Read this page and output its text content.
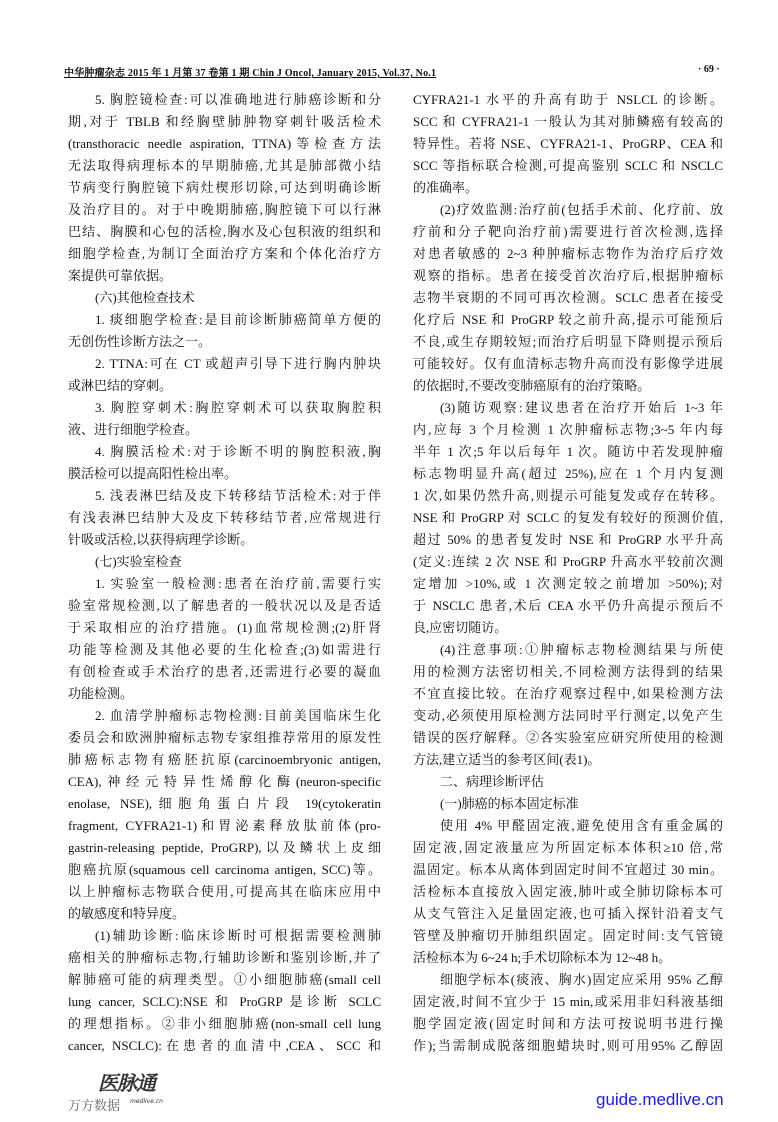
中华肿瘤杂志 2015 年 1 月第 37 卷第 1 期 Chin J Oncol, January 2015, Vol.37, No.1	· 69 ·
5. 胸腔镜检查:可以准确地进行肺癌诊断和分
期,对于 TBLB 和经胸壁肺肿物穿刺针吸活检术
(transthoracic needle aspiration, TTNA)等检查方法
无法取得病理标本的早期肺癌,尤其是肺部微小结
节病变行胸腔镜下病灶楔形切除,可达到明确诊断
及治疗目的。对于中晚期肺癌,胸腔镜下可以行淋
巴结、胸膜和心包的活检,胸水及心包积液的组织和
细胞学检查,为制订全面治疗方案和个体化治疗方
案提供可靠依据。
(六)其他检查技术
1. 痰细胞学检查:是目前诊断肺癌简单方便的
无创伤性诊断方法之一。
2. TTNA:可在 CT 或超声引导下进行胸内肿块
或淋巴结的穿刺。
3. 胸腔穿刺术:胸腔穿刺术可以获取胸腔积
液、进行细胞学检查。
4. 胸膜活检术:对于诊断不明的胸腔积液,胸
膜活检可以提高阳性检出率。
5. 浅表淋巴结及皮下转移结节活检术:对于伴
有浅表淋巴结肿大及皮下转移结节者,应常规进行
针吸或活检,以获得病理学诊断。
(七)实验室检查
1. 实验室一般检测:患者在治疗前,需要行实
验室常规检测,以了解患者的一般状况以及是否适
于采取相应的治疗措施。(1)血常规检测;(2)肝肾
功能等检测及其他必要的生化检查;(3)如需进行
有创检查或手术治疗的患者,还需进行必要的凝血
功能检测。
2. 血清学肿瘤标志物检测:目前美国临床生化
委员会和欧洲肿瘤标志物专家组推荐常用的原发性
肺癌标志物有癌胚抗原(carcinoembryonic antigen,
CEA),神经元特异性烯醇化酶(neuron-specific
enolase, NSE),细胞角蛋白片段 19(cytokeratin
fragment, CYFRA21-1)和胃泌素释放肽前体(pro-
gastrin-releasing peptide, ProGRP),以及鳞状上皮细
胞癌抗原(squamous cell carcinoma antigen, SCC)等。
以上肿瘤标志物联合使用,可提高其在临床应用中
的敏感度和特异度。
(1)辅助诊断:临床诊断时可根据需要检测肺
癌相关的肿瘤标志物,行辅助诊断和鉴别诊断,并了
解肺癌可能的病理类型。①小细胞肺癌(small cell
lung cancer, SCLC):NSE 和 ProGRP 是诊断 SCLC
的理想指标。②非小细胞肺癌(non-small cell lung
cancer, NSCLC):在患者的血清中,CEA、SCC 和
CYFRA21-1 水平的升高有助于 NSLCL 的诊断。
SCC 和 CYFRA21-1 一般认为其对肺鳞癌有较高的
特异性。若将 NSE、CYFRA21-1、ProGRP、CEA 和
SCC 等指标联合检测,可提高鉴别 SCLC 和 NSCLC
的准确率。
(2)疗效监测:治疗前(包括手术前、化疗前、放
疗前和分子靶向治疗前)需要进行首次检测,选择
对患者敏感的 2~3 种肿瘤标志物作为治疗后疗效
观察的指标。患者在接受首次治疗后,根据肿瘤标
志物半衰期的不同可再次检测。SCLC 患者在接受
化疗后 NSE 和 ProGRP 较之前升高,提示可能预后
不良,或生存期较短;而治疗后明显下降则提示预后
可能较好。仅有血清标志物升高而没有影像学进展
的依据时,不要改变肺癌原有的治疗策略。
(3)随访观察:建议患者在治疗开始后 1~3 年
内,应每 3 个月检测 1 次肿瘤标志物;3~5 年内每
半年 1 次;5 年以后每年 1 次。随访中若发现肿瘤
标志物明显升高(超过 25%),应在 1 个月内复测
1 次,如果仍然升高,则提示可能复发或存在转移。
NSE 和 ProGRP 对 SCLC 的复发有较好的预测价值,
超过 50% 的患者复发时 NSE 和 ProGRP 水平升高
(定义:连续 2 次 NSE 和 ProGRP 升高水平较前次测
定增加 >10%,或 1 次测定较之前增加 >50%);对
于 NSCLC 患者,术后 CEA 水平仍升高提示预后不
良,应密切随访。
(4)注意事项:①肿瘤标志物检测结果与所使
用的检测方法密切相关,不同检测方法得到的结果
不宜直接比较。在治疗观察过程中,如果检测方法
变动,必须使用原检测方法同时平行测定,以免产生
错误的医疗解释。②各实验室应研究所使用的检测
方法,建立适当的参考区间(表1)。
二、病理诊断评估
(一)肺癌的标本固定标准
使用 4% 甲醛固定液,避免使用含有重金属的
固定液,固定液量应为所固定标本体积≥10 倍,常
温固定。标本从离体到固定时间不宜超过 30 min。
活检标本直接放入固定液,肺叶或全肺切除标本可
从支气管注入足量固定液,也可插入探针沿着支气
管壁及肿瘤切开肺组织固定。固定时间:支气管镜
活检标本为 6~24 h;手术切除标本为 12~48 h。
细胞学标本(痰液、胸水)固定应采用 95% 乙醇
固定液,时间不宜少于 15 min,或采用非妇科液基细
胞学固定液(固定时间和方法可按说明书进行操
作);当需制成脱落细胞蜡块时,则可用95% 乙醇固
医脉通
medlive.cn
万方数据	guide.medlive.cn
